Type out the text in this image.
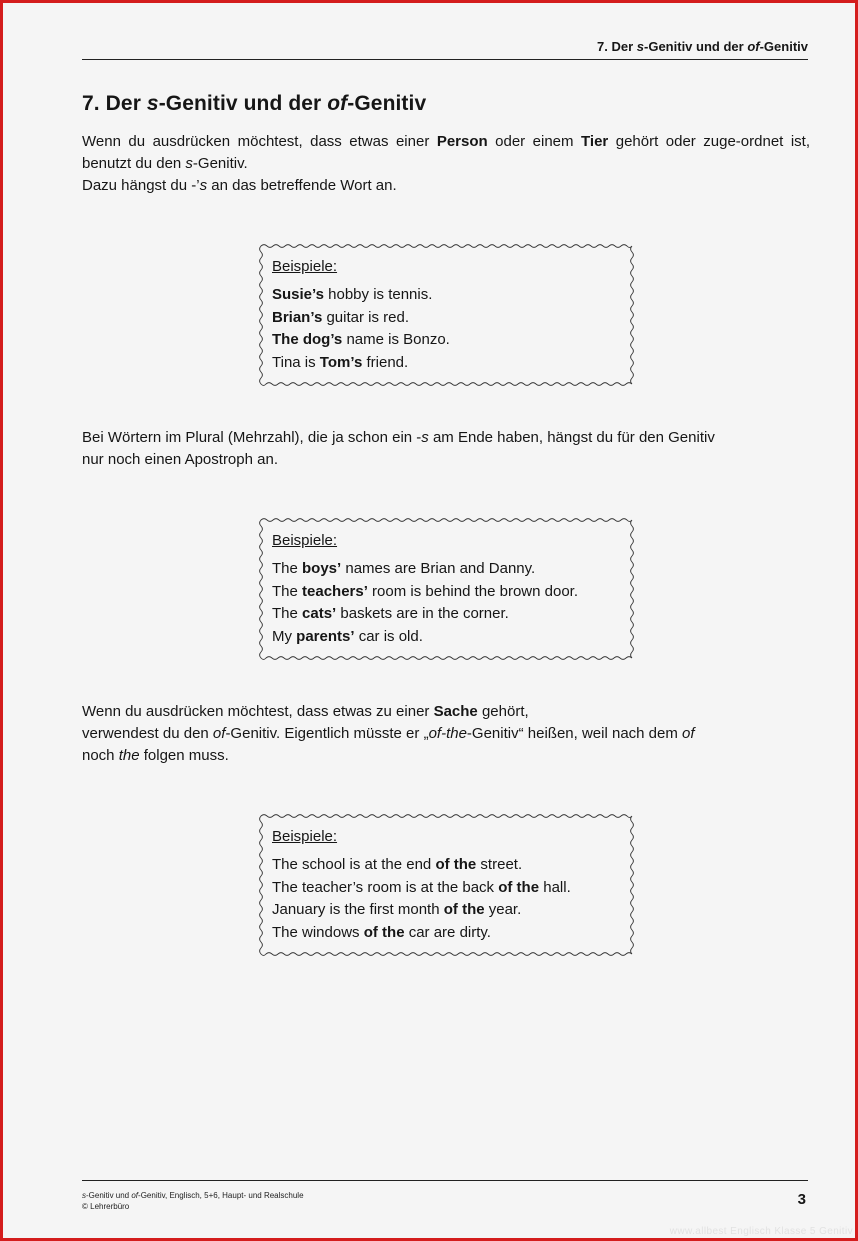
7. Der s-Genitiv und der of-Genitiv
7. Der s-Genitiv und der of-Genitiv
Wenn du ausdrücken möchtest, dass etwas einer Person oder einem Tier gehört oder zuge-ordnet ist, benutzt du den s-Genitiv.
Dazu hängst du -’s an das betreffende Wort an.
Beispiele:
Susie’s hobby is tennis.
Brian’s guitar is red.
The dog’s name is Bonzo.
Tina is Tom’s friend.
Bei Wörtern im Plural (Mehrzahl), die ja schon ein -s am Ende haben, hängst du für den Genitiv
nur noch einen Apostroph an.
Beispiele:
The boys’ names are Brian and Danny.
The teachers’ room is behind the brown door.
The cats’ baskets are in the corner.
My parents’ car is old.
Wenn du ausdrücken möchtest, dass etwas zu einer Sache gehört,
verwendest du den of-Genitiv. Eigentlich müsste er „of-the-Genitiv“ heißen, weil nach dem of
noch the folgen muss.
Beispiele:
The school is at the end of the street.
The teacher’s room is at the back of the hall.
January is the first month of the year.
The windows of the car are dirty.
s-Genitiv und of-Genitiv, Englisch, 5+6, Haupt- und Realschule
© Lehrerbüro	3
www.allbest Englisch Klasse 5 Genitiv
